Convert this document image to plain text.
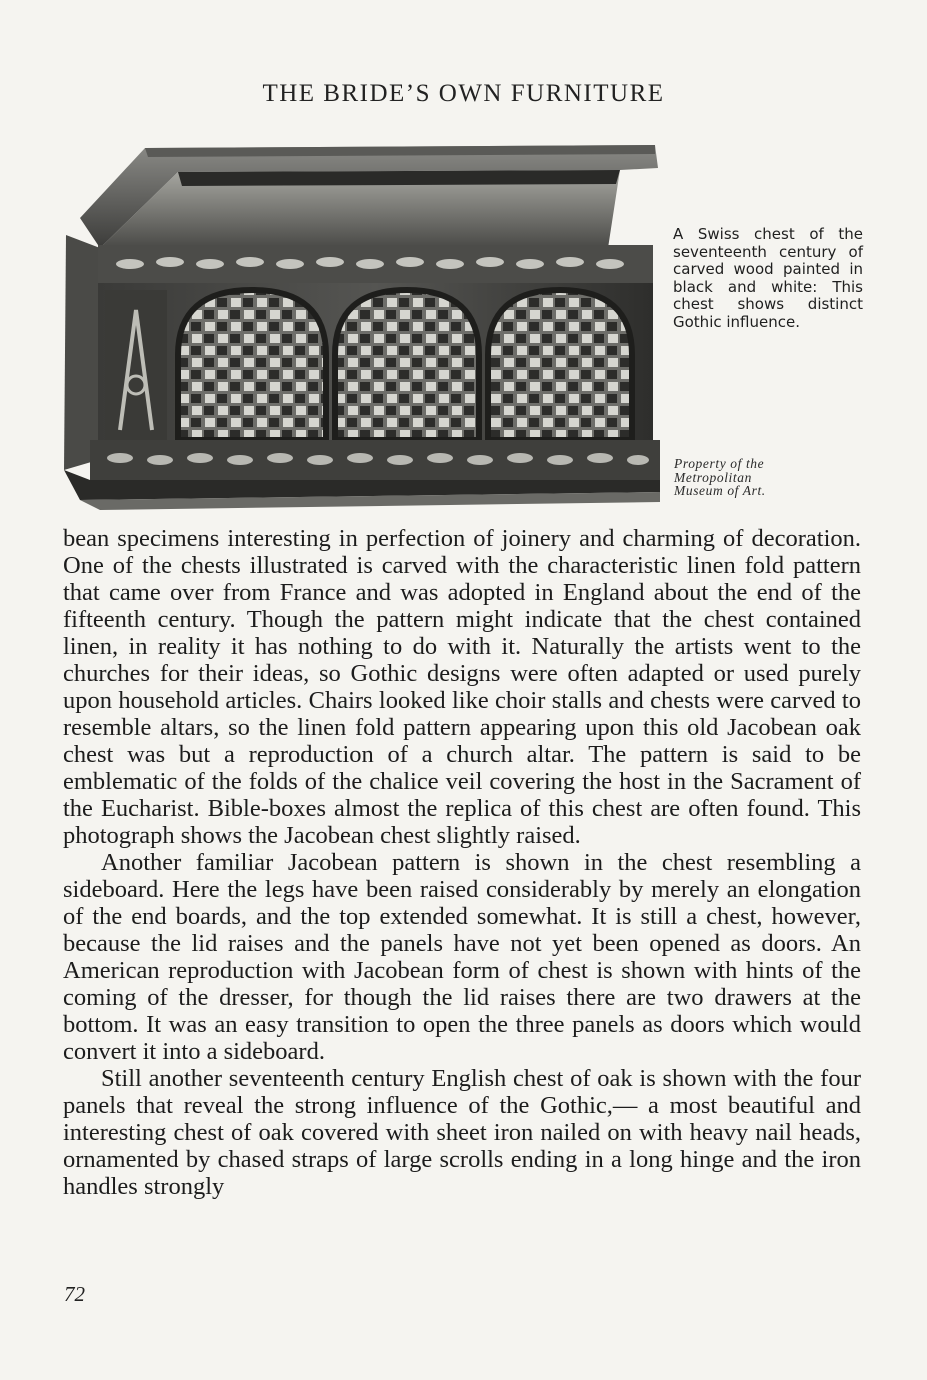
THE BRIDE’S OWN FURNITURE
A Swiss chest of the seventeenth century of carved wood painted in black and white: This chest shows distinct Gothic influence.
Property of the
Metropolitan
Museum of Art.

bean specimens interesting in perfection of joinery and charming of decoration. One of the chests illustrated is carved with the characteristic linen fold pattern that came over from France and was adopted in England about the end of the fifteenth century. Though the pattern might indicate that the chest contained linen, in reality it has nothing to do with it. Naturally the artists went to the churches for their ideas, so Gothic designs were often adapted or used purely upon household articles. Chairs looked like choir stalls and chests were carved to resemble altars, so the linen fold pattern appearing upon this old Jacobean oak chest was but a reproduction of a church altar. The pattern is said to be emblematic of the folds of the chalice veil covering the host in the Sacrament of the Eucharist. Bible-boxes almost the replica of this chest are often found. This photograph shows the Jacobean chest slightly raised.

Another familiar Jacobean pattern is shown in the chest resembling a sideboard. Here the legs have been raised considerably by merely an elongation of the end boards, and the top extended somewhat. It is still a chest, however, because the lid raises and the panels have not yet been opened as doors. An American reproduction with Jacobean form of chest is shown with hints of the coming of the dresser, for though the lid raises there are two drawers at the bottom. It was an easy transition to open the three panels as doors which would convert it into a sideboard.

Still another seventeenth century English chest of oak is shown with the four panels that reveal the strong influence of the Gothic,— a most beautiful and interesting chest of oak covered with sheet iron nailed on with heavy nail heads, ornamented by chased straps of large scrolls ending in a long hinge and the iron handles strongly

72
